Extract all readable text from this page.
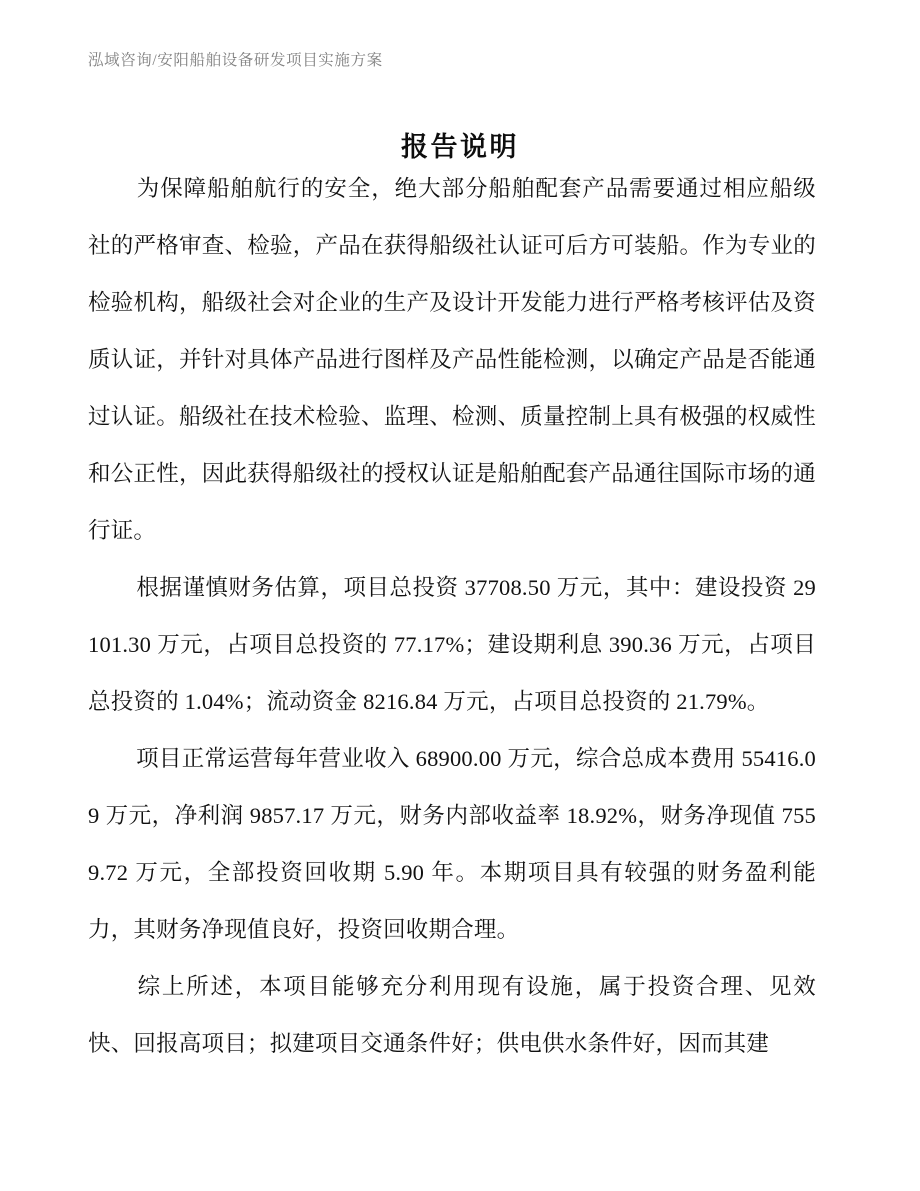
泓域咨询/安阳船舶设备研发项目实施方案
报告说明

为保障船舶航行的安全，绝大部分船舶配套产品需要通过相应船级社的严格审查、检验，产品在获得船级社认证可后方可装船。作为专业的检验机构，船级社会对企业的生产及设计开发能力进行严格考核评估及资质认证，并针对具体产品进行图样及产品性能检测，以确定产品是否能通过认证。船级社在技术检验、监理、检测、质量控制上具有极强的权威性和公正性，因此获得船级社的授权认证是船舶配套产品通往国际市场的通行证。

根据谨慎财务估算，项目总投资 37708.50 万元，其中：建设投资 29101.30 万元，占项目总投资的 77.17%；建设期利息 390.36 万元，占项目总投资的 1.04%；流动资金 8216.84 万元，占项目总投资的 21.79%。

项目正常运营每年营业收入 68900.00 万元，综合总成本费用 55416.09 万元，净利润 9857.17 万元，财务内部收益率 18.92%，财务净现值 7559.72 万元，全部投资回收期 5.90 年。本期项目具有较强的财务盈利能力，其财务净现值良好，投资回收期合理。

综上所述，本项目能够充分利用现有设施，属于投资合理、见效快、回报高项目；拟建项目交通条件好；供电供水条件好，因而其建
